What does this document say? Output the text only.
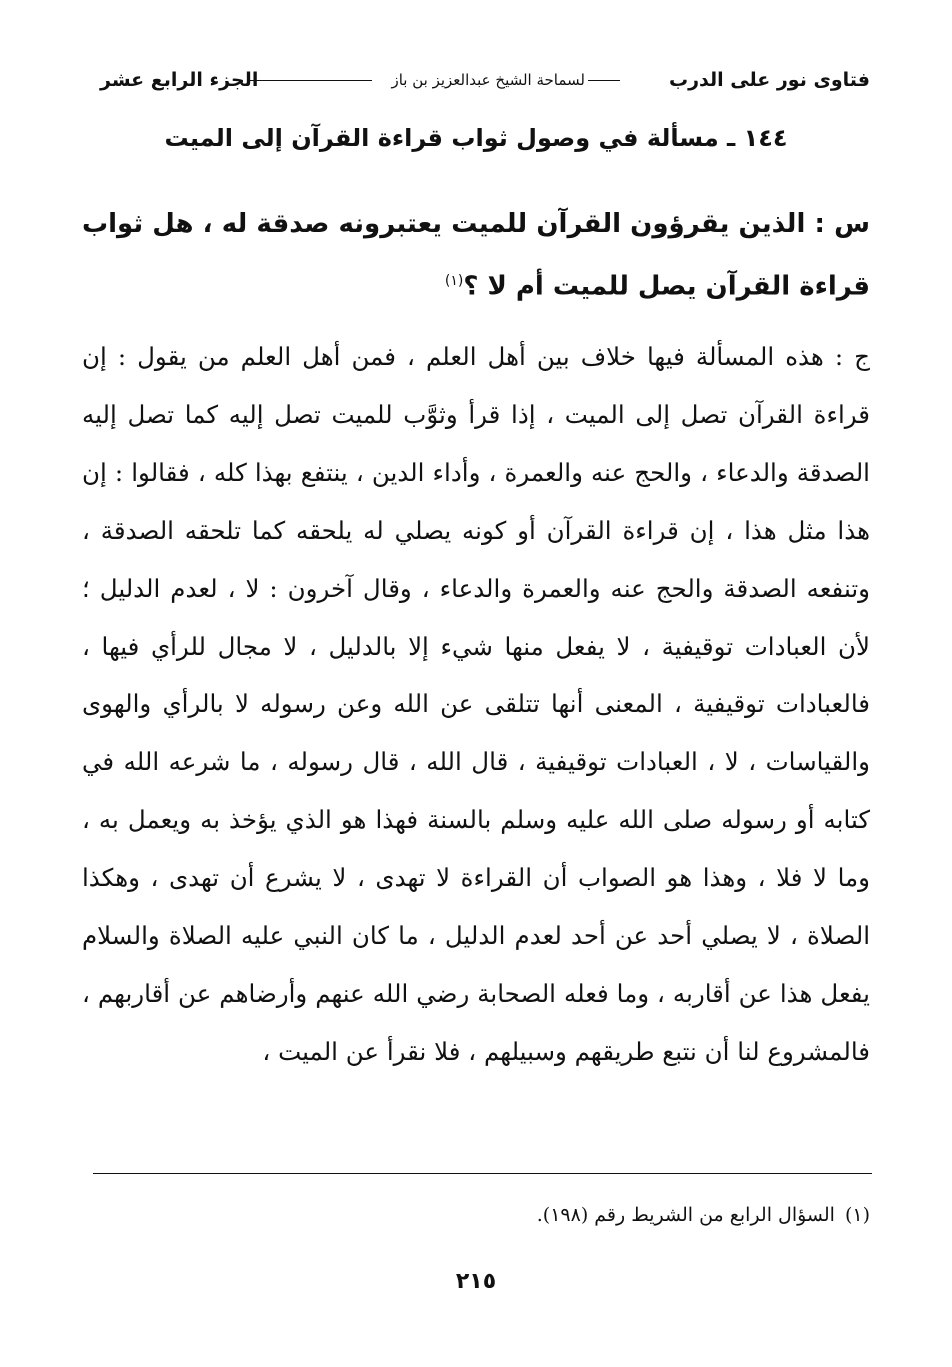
فتاوى نور على الدرب
لسماحة الشيخ عبدالعزيز بن باز
الجزء الرابع عشر
١٤٤ ـ مسألة في وصول ثواب قراءة القرآن إلى الميت
س : الذين يقرؤون القرآن للميت يعتبرونه صدقة له ، هل ثواب قراءة القرآن يصل للميت أم لا ؟$^{(١)}$
ج : هذه المسألة فيها خلاف بين أهل العلم ، فمن أهل العلم من يقول : إن قراءة القرآن تصل إلى الميت ، إذا قرأ وثوَّب للميت تصل إليه كما تصل إليه الصدقة والدعاء ، والحج عنه والعمرة ، وأداء الدين ، ينتفع بهذا كله ، فقالوا : إن هذا مثل هذا ، إن قراءة القرآن أو كونه يصلي له يلحقه كما تلحقه الصدقة ، وتنفعه الصدقة والحج عنه والعمرة والدعاء ، وقال آخرون : لا ، لعدم الدليل ؛ لأن العبادات توقيفية ، لا يفعل منها شيء إلا بالدليل ، لا مجال للرأي فيها ، فالعبادات توقيفية ، المعنى أنها تتلقى عن الله وعن رسوله لا بالرأي والهوى والقياسات ، لا ، العبادات توقيفية ، قال الله ، قال رسوله ، ما شرعه الله في كتابه أو رسوله صلى الله عليه وسلم بالسنة فهذا هو الذي يؤخذ به ويعمل به ، وما لا فلا ، وهذا هو الصواب أن القراءة لا تهدى ، لا يشرع أن تهدى ، وهكذا الصلاة ، لا يصلي أحد عن أحد لعدم الدليل ، ما كان النبي عليه الصلاة والسلام يفعل هذا عن أقاربه ، وما فعله الصحابة رضي الله عنهم وأرضاهم عن أقاربهم ، فالمشروع لنا أن نتبع طريقهم وسبيلهم ، فلا نقرأ عن الميت ،
(١)السؤال الرابع من الشريط رقم (١٩٨).
٢١٥
